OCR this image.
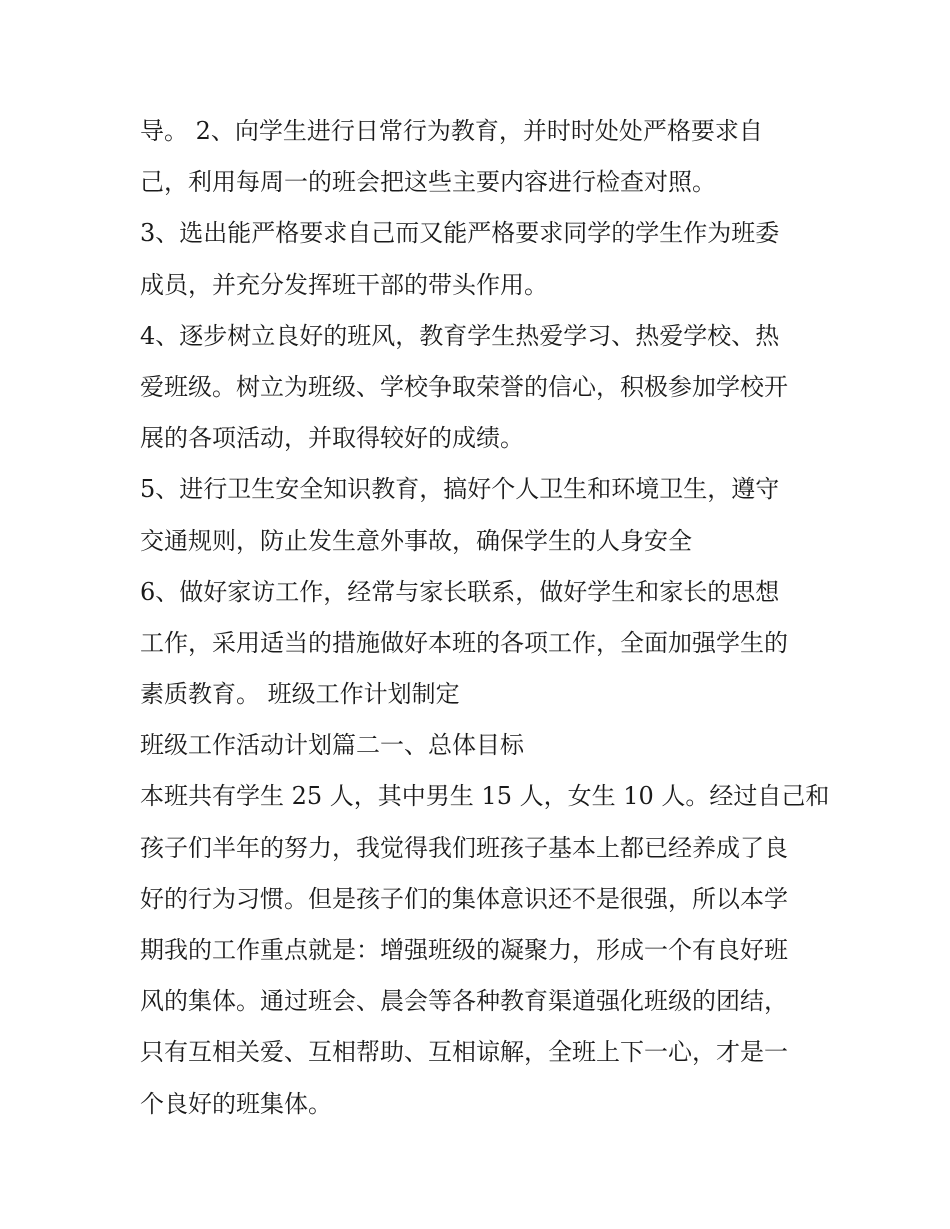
导。 2、向学生进行日常行为教育，并时时处处严格要求自
己，利用每周一的班会把这些主要内容进行检查对照。
3、选出能严格要求自己而又能严格要求同学的学生作为班委
成员，并充分发挥班干部的带头作用。
4、逐步树立良好的班风，教育学生热爱学习、热爱学校、热
爱班级。树立为班级、学校争取荣誉的信心，积极参加学校开
展的各项活动，并取得较好的成绩。
5、进行卫生安全知识教育，搞好个人卫生和环境卫生，遵守
交通规则，防止发生意外事故，确保学生的人身安全
6、做好家访工作，经常与家长联系，做好学生和家长的思想
工作，采用适当的措施做好本班的各项工作，全面加强学生的
素质教育。 班级工作计划制定
班级工作活动计划篇二一、总体目标
本班共有学生 25 人，其中男生 15 人，女生 10 人。经过自己和
孩子们半年的努力，我觉得我们班孩子基本上都已经养成了良
好的行为习惯。但是孩子们的集体意识还不是很强，所以本学
期我的工作重点就是：增强班级的凝聚力，形成一个有良好班
风的集体。通过班会、晨会等各种教育渠道强化班级的团结，
只有互相关爱、互相帮助、互相谅解，全班上下一心，才是一
个良好的班集体。
